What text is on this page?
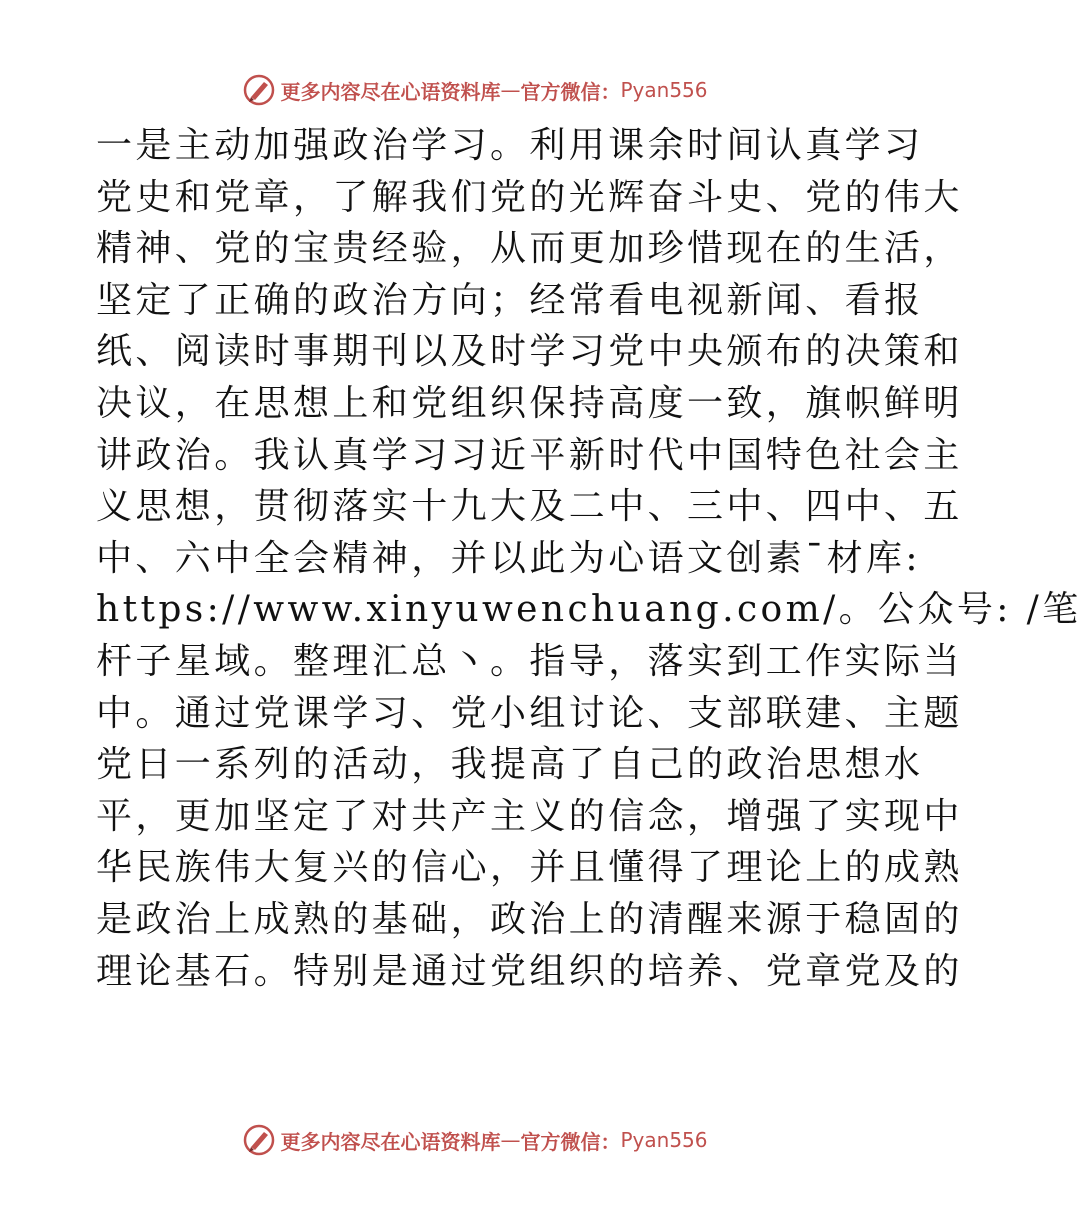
更多内容尽在心语资料库 — 官方微信： Pyan556
一是主动加强政治学习。利用课余时间认真学习
党史和党章，了解我们党的光辉奋斗史、党的伟大
精神、党的宝贵经验，从而更加珍惜现在的生活，
坚定了正确的政治方向；经常看电视新闻、看报
纸、阅读时事期刊以及时学习党中央颁布的决策和
决议，在思想上和党组织保持高度一致，旗帜鲜明
讲政治。我认真学习习近平新时代中国特色社会主
义思想，贯彻落实十九大及二中、三中、四中、五
中、六中全会精神，并以此为心语文创素¯材库:
https://www.xinyuwenchuang.com/。公众号: /笔
杆子星域。整理汇总丶。指导，落实到工作实际当
中。通过党课学习、党小组讨论、支部联建、主题
党日一系列的活动，我提高了自己的政治思想水
平，更加坚定了对共产主义的信念，增强了实现中
华民族伟大复兴的信心，并且懂得了理论上的成熟
是政治上成熟的基础，政治上的清醒来源于稳固的
理论基石。特别是通过党组织的培养、党章党及的
更多内容尽在心语资料库 — 官方微信： Pyan556
